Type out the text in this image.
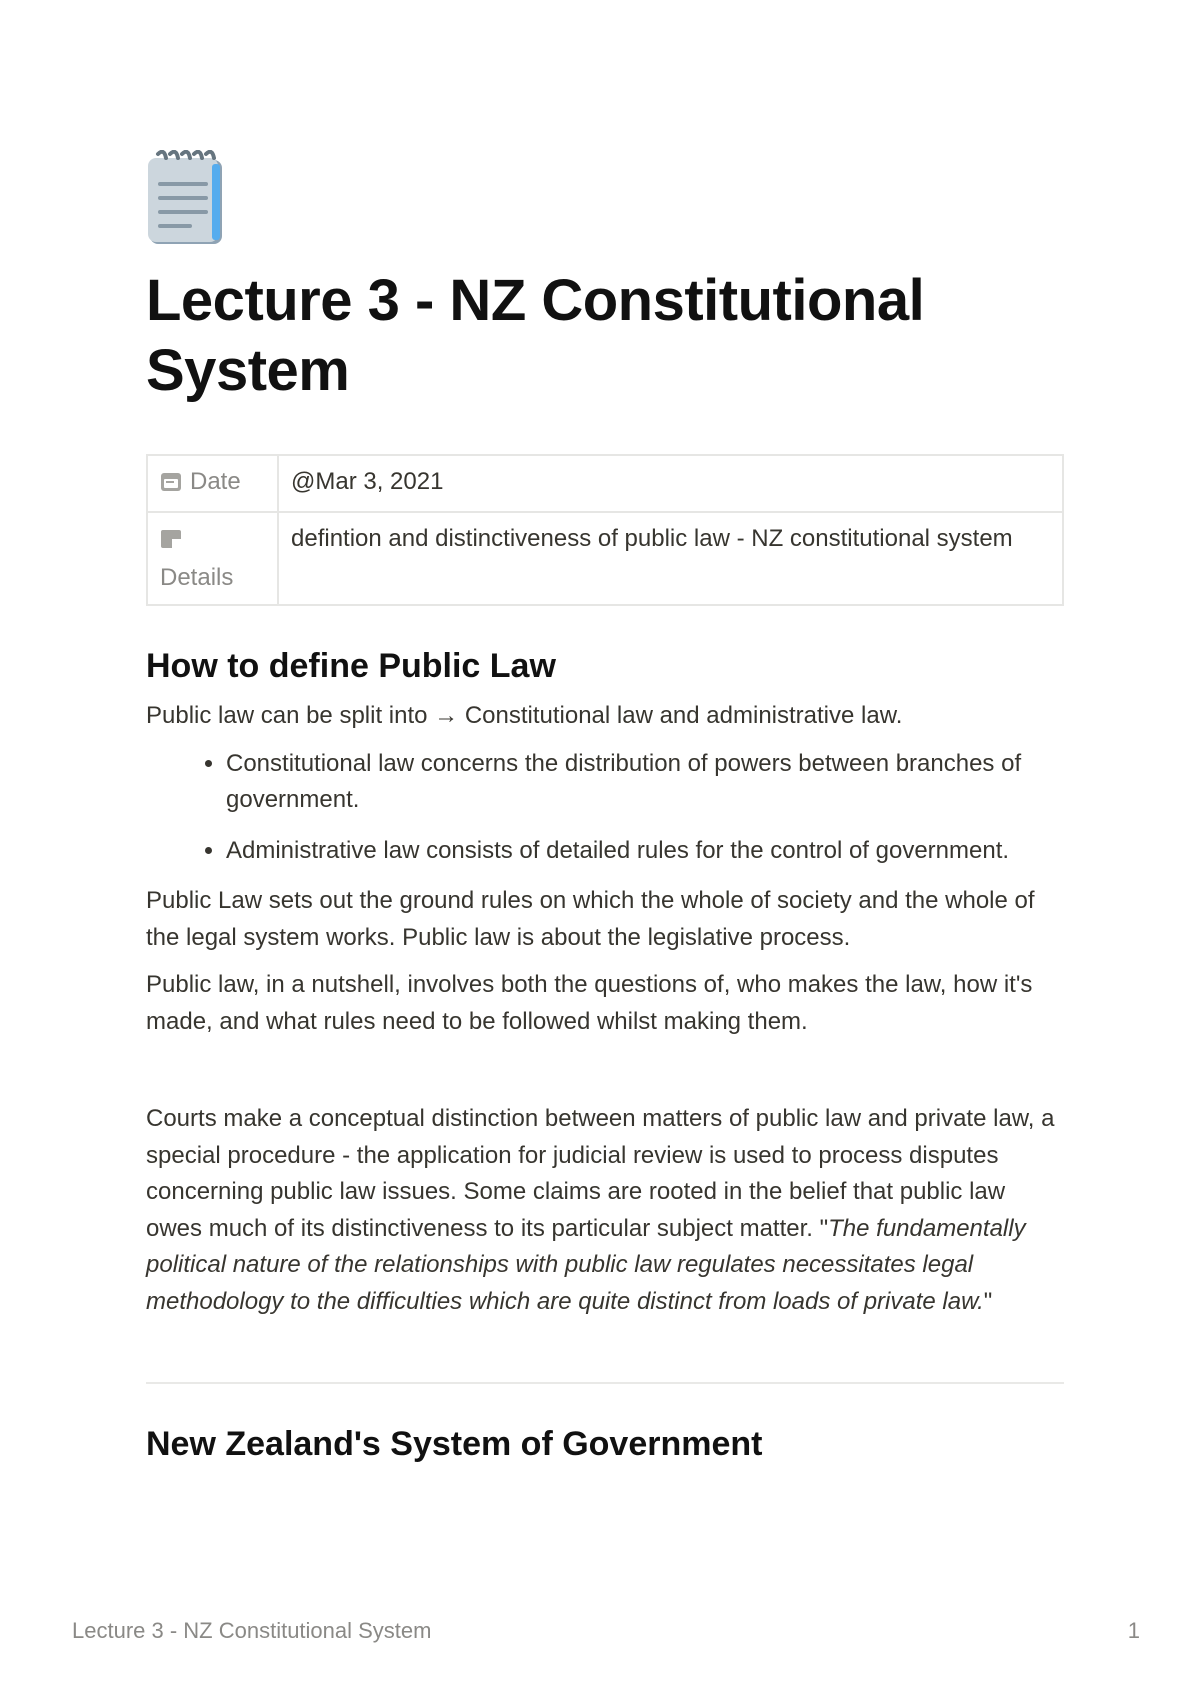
Lecture 3 - NZ Constitutional System
Date	@Mar 3, 2021

Details	defintion and distinctiveness of public law - NZ constitutional system
How to define Public Law

Public law can be split into → Constitutional law and administrative law.

• Constitutional law concerns the distribution of powers between branches of government.
• Administrative law consists of detailed rules for the control of government.

Public Law sets out the ground rules on which the whole of society and the whole of the legal system works. Public law is about the legislative process.

Public law, in a nutshell, involves both the questions of, who makes the law, how it's made, and what rules need to be followed whilst making them.

Courts make a conceptual distinction between matters of public law and private law, a special procedure - the application for judicial review is used to process disputes concerning public law issues. Some claims are rooted in the belief that public law owes much of its distinctiveness to its particular subject matter. "The fundamentally political nature of the relationships with public law regulates necessitates legal methodology to the difficulties which are quite distinct from loads of private law."

New Zealand's System of Government
Lecture 3 - NZ Constitutional System	1
